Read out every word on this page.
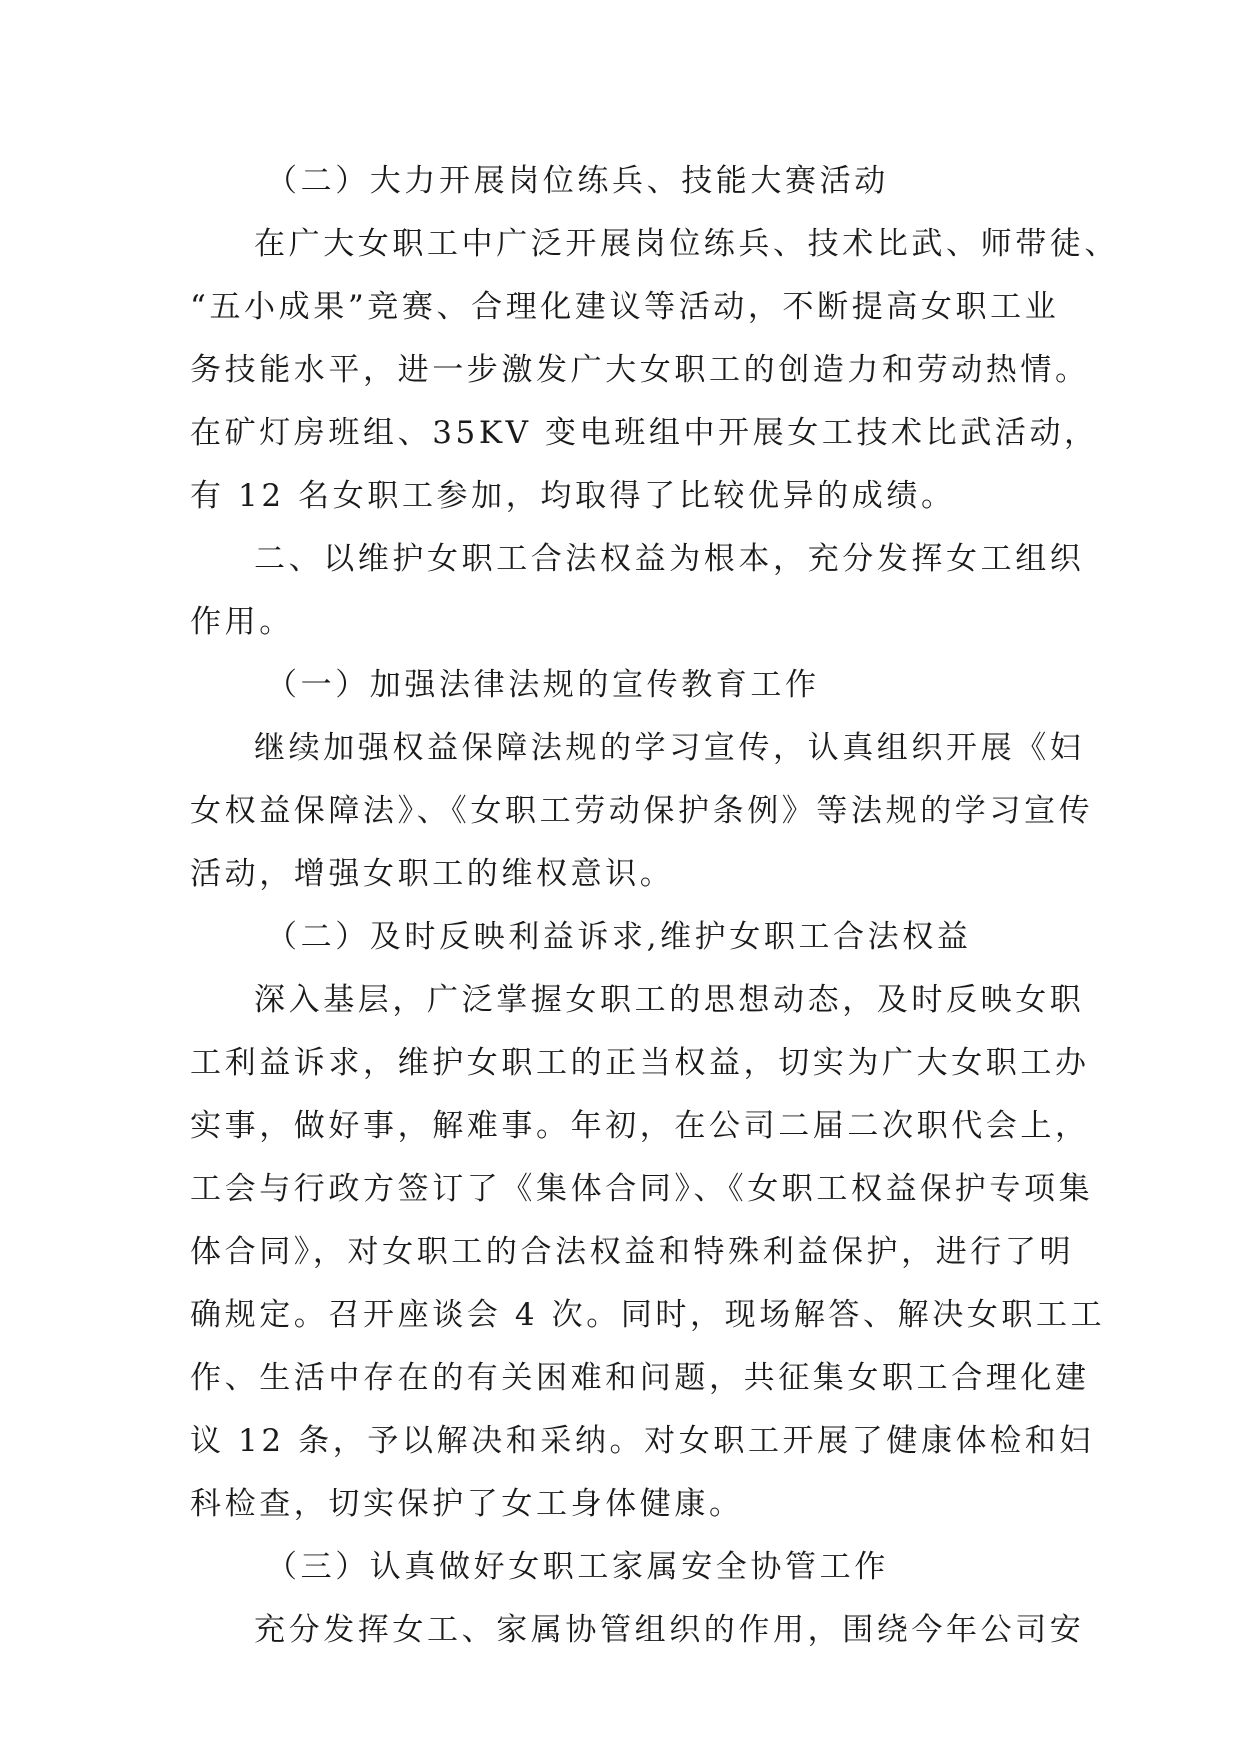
（二）大力开展岗位练兵、技能大赛活动
在广大女职工中广泛开展岗位练兵、技术比武、师带徒、
“五小成果”竞赛、合理化建议等活动，不断提高女职工业
务技能水平，进一步激发广大女职工的创造力和劳动热情。
在矿灯房班组、35KV 变电班组中开展女工技术比武活动，
有 12 名女职工参加，均取得了比较优异的成绩。
二、以维护女职工合法权益为根本，充分发挥女工组织
作用。
（一）加强法律法规的宣传教育工作
继续加强权益保障法规的学习宣传，认真组织开展《妇
女权益保障法》、《女职工劳动保护条例》等法规的学习宣传
活动，增强女职工的维权意识。
（二）及时反映利益诉求,维护女职工合法权益
深入基层，广泛掌握女职工的思想动态，及时反映女职
工利益诉求，维护女职工的正当权益，切实为广大女职工办
实事，做好事，解难事。年初，在公司二届二次职代会上，
工会与行政方签订了《集体合同》、《女职工权益保护专项集
体合同》，对女职工的合法权益和特殊利益保护，进行了明
确规定。召开座谈会 4 次。同时，现场解答、解决女职工工
作、生活中存在的有关困难和问题，共征集女职工合理化建
议 12 条，予以解决和采纳。对女职工开展了健康体检和妇
科检查，切实保护了女工身体健康。
（三）认真做好女职工家属安全协管工作
充分发挥女工、家属协管组织的作用，围绕今年公司安
